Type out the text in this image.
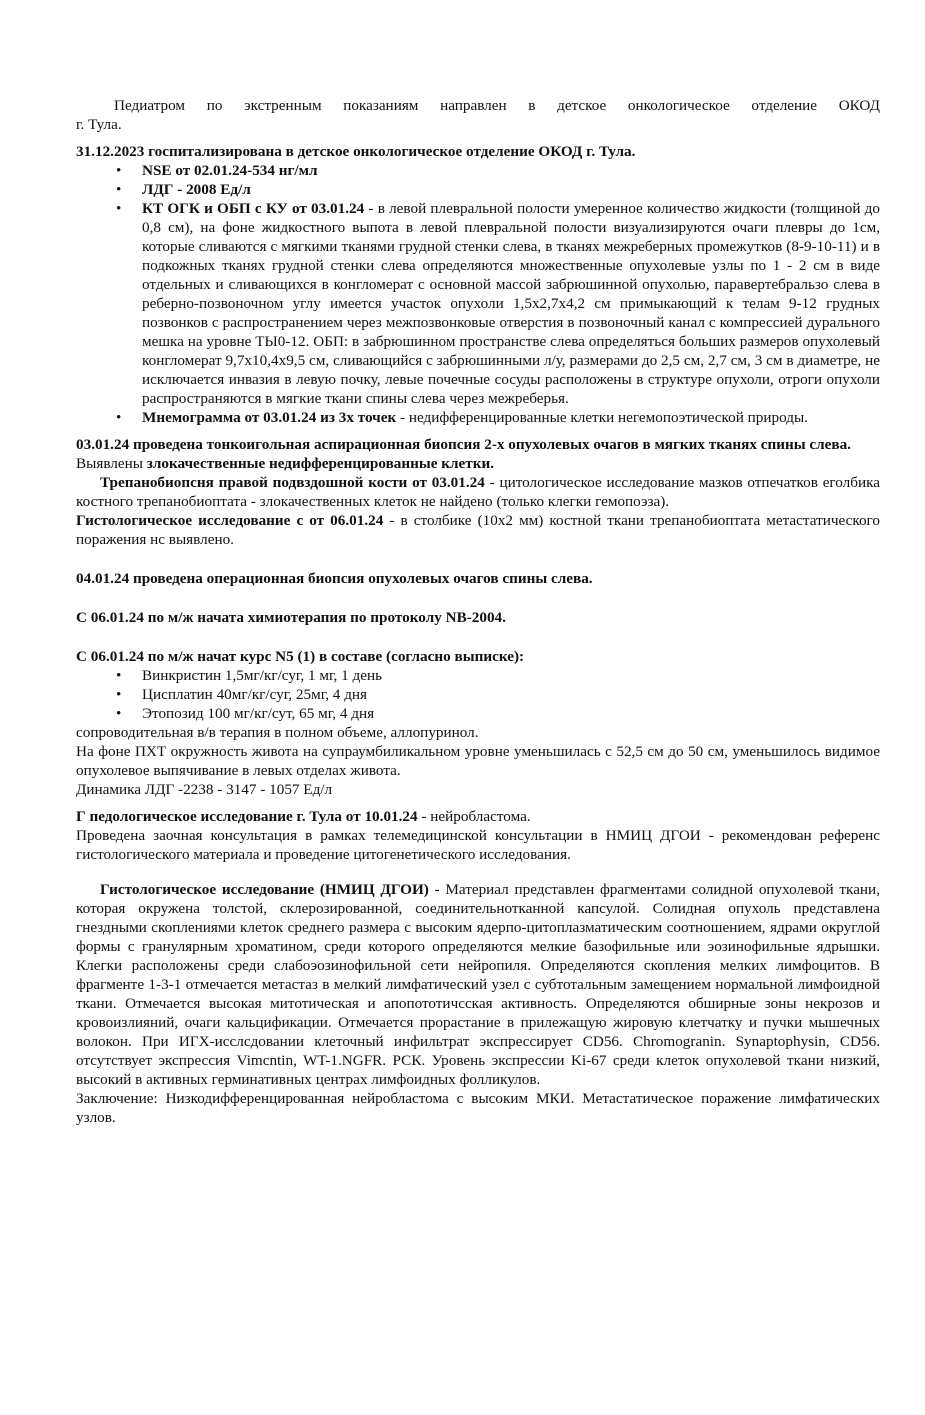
Педиатром по экстренным показаниям направлен в детское онкологическое отделение ОКОД

г. Тула.

31.12.2023 госпитализирована в детское онкологическое отделение ОКОД г. Тула.

• NSE от 02.01.24-534 нг/мл
• ЛДГ - 2008 Ед/л
• КТ ОГК и ОБП с КУ от 03.01.24 - в левой плевральной полости умеренное количество жидкости (толщиной до 0,8 см), на фоне жидкостного выпота в левой плевральной полости визуализируются очаги плевры до 1см, которые сливаются с мягкими тканями грудной стенки слева, в тканях межреберных промежутков (8-9-10-11) и в подкожных тканях грудной стенки слева определяются множественные опухолевые узлы по 1 - 2 см в виде отдельных и сливающихся в конгломерат с основной массой забрюшинной опухолью, паравертебральзо слева в реберно-позвоночном углу имеется участок опухоли 1,5х2,7х4,2 см примыкающий к телам 9-12 грудных позвонков с распространением через межпозвонковые отверстия в позвоночный канал с компрессией дурального мешка на уровне ТЫ0-12. ОБП: в забрюшинном пространстве слева определяться больших размеров опухолевый конгломерат 9,7х10,4х9,5 см, сливающийся с забрюшинными л/у, размерами до 2,5 см, 2,7 см, 3 см в диаметре, не исключается инвазия в левую почку, левые почечные сосуды расположены в структуре опухоли, отроги опухоли распространяются в мягкие ткани спины слева через межреберья.
• Мнемограмма от 03.01.24 из 3х точек - недифференцированные клетки негемопоэтической природы.

03.01.24 проведена тонкоигольная аспирационная биопсия 2-х опухолевых очагов в мягких тканях спины слева.

Выявлены злокачественные недифференцированные клетки.

Трепанобиопсня правой подвздошной кости от 03.01.24 - цитологическое исследование мазков отпечатков еголбика костного трепанобиоптата - злокачественных клеток не найдено (только клегки гемопоэза).

Гистологическое исследование с от 06.01.24 - в столбике (10х2 мм) костной ткани трепанобиоптата метастатического поражения нс выявлено.

04.01.24 проведена операционная биопсия опухолевых очагов спины слева.

С 06.01.24 по м/ж начата химиотерапия по протоколу NB-2004.

С 06.01.24 по м/ж начат курс N5 (1) в составе (согласно выписке):

• Винкристин 1,5мг/кг/суг, 1 мг, 1 день
• Цисплатин 40мг/кг/суг, 25мг, 4 дня
• Этопозид 100 мг/кг/сут, 65 мг, 4 дня

сопроводительная в/в терапия в полном объеме, аллопуринол.

На фоне ПХТ окружность живота на супраумбиликальном уровне уменьшилась с 52,5 см до 50 см, уменьшилось видимое опухолевое выпячивание в левых отделах живота.

Динамика ЛДГ -2238 - 3147 - 1057 Ед/л

Г педологическое исследование г. Тула от 10.01.24 - нейробластома.

Проведена заочная консультация в рамках телемедицинской консультации в НМИЦ ДГОИ - рекомендован референс гистологического материала и проведение цитогенетического исследования.

Гистологическое исследование (НМИЦ ДГОИ) - Материал представлен фрагментами солидной опухолевой ткани, которая окружена толстой, склерозированной, соединительнотканной капсулой. Солидная опухоль представлена гнездными скоплениями клеток среднего размера с высоким ядерпо-цитоплазматическим соотношением, ядрами округлой формы с гранулярным хроматином, среди которого определяются мелкие базофильные или эозинофильные ядрышки. Клегки расположены среди слабоэозинофильной сети нейропиля. Определяются скопления мелких лимфоцитов. В фрагменте 1-3-1 отмечается метастаз в мелкий лимфатический узел с субтотальным замещением нормальной лимфоидной ткани. Отмечается высокая митотическая и апопототичсская активность. Определяются обширные зоны некрозов и кровоизлияний, очаги кальцификации. Отмечается прорастание в прилежащую жировую клетчатку и пучки мышечных волокон. При ИГХ-исслсдовании клеточный инфильтрат экспрессирует CD56. Chromogranin. Synaptophysin, CD56. отсутствует экспрессия Vimcntin, WT-1.NGFR. РСК. Уровень экспрессии Ki-67 среди клеток опухолевой ткани низкий, высокий в активных герминативных центрах лимфоидных фолликулов.

Заключение: Низкодифференцированная нейробластома с высоким МКИ. Метастатическое поражение лимфатических узлов.
